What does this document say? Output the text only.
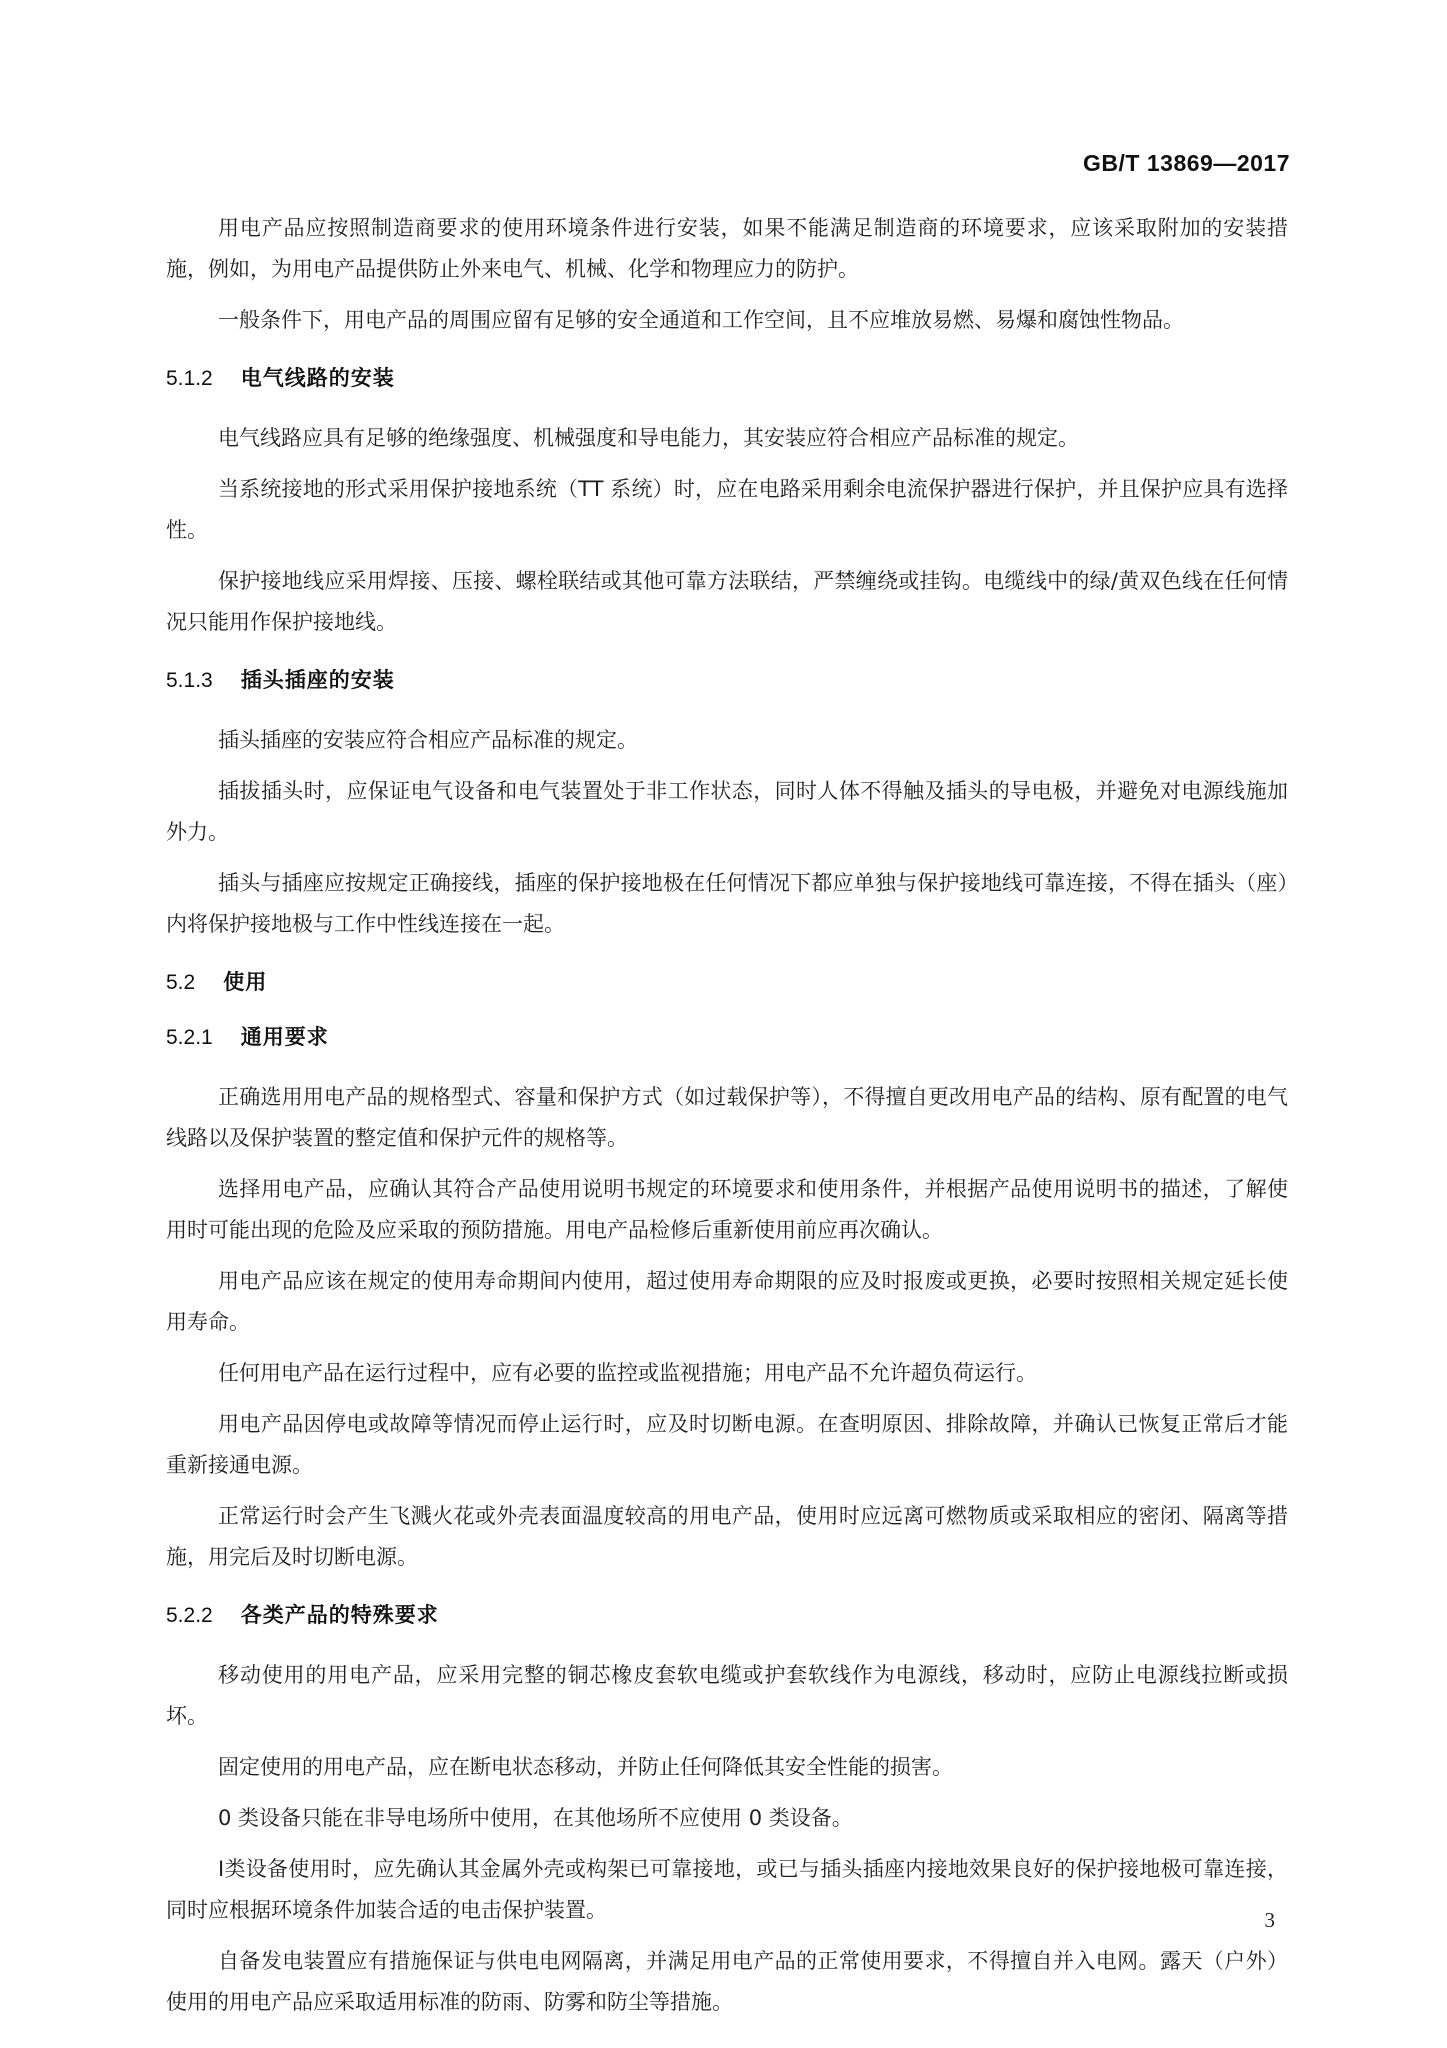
GB/T 13869—2017

用电产品应按照制造商要求的使用环境条件进行安装，如果不能满足制造商的环境要求，应该采取附加的安装措施，例如，为用电产品提供防止外来电气、机械、化学和物理应力的防护。

一般条件下，用电产品的周围应留有足够的安全通道和工作空间，且不应堆放易燃、易爆和腐蚀性物品。

5.1.2 电气线路的安装

电气线路应具有足够的绝缘强度、机械强度和导电能力，其安装应符合相应产品标准的规定。

当系统接地的形式采用保护接地系统（TT 系统）时，应在电路采用剩余电流保护器进行保护，并且保护应具有选择性。

保护接地线应采用焊接、压接、螺栓联结或其他可靠方法联结，严禁缠绕或挂钩。电缆线中的绿/黄双色线在任何情况只能用作保护接地线。

5.1.3 插头插座的安装

插头插座的安装应符合相应产品标准的规定。

插拔插头时，应保证电气设备和电气装置处于非工作状态，同时人体不得触及插头的导电极，并避免对电源线施加外力。

插头与插座应按规定正确接线，插座的保护接地极在任何情况下都应单独与保护接地线可靠连接，不得在插头（座）内将保护接地极与工作中性线连接在一起。

5.2 使用
5.2.1 通用要求

正确选用用电产品的规格型式、容量和保护方式（如过载保护等），不得擅自更改用电产品的结构、原有配置的电气线路以及保护装置的整定值和保护元件的规格等。

选择用电产品，应确认其符合产品使用说明书规定的环境要求和使用条件，并根据产品使用说明书的描述，了解使用时可能出现的危险及应采取的预防措施。用电产品检修后重新使用前应再次确认。

用电产品应该在规定的使用寿命期间内使用，超过使用寿命期限的应及时报废或更换，必要时按照相关规定延长使用寿命。

任何用电产品在运行过程中，应有必要的监控或监视措施；用电产品不允许超负荷运行。

用电产品因停电或故障等情况而停止运行时，应及时切断电源。在查明原因、排除故障，并确认已恢复正常后才能重新接通电源。

正常运行时会产生飞溅火花或外壳表面温度较高的用电产品，使用时应远离可燃物质或采取相应的密闭、隔离等措施，用完后及时切断电源。

5.2.2 各类产品的特殊要求

移动使用的用电产品，应采用完整的铜芯橡皮套软电缆或护套软线作为电源线，移动时，应防止电源线拉断或损坏。

固定使用的用电产品，应在断电状态移动，并防止任何降低其安全性能的损害。

0 类设备只能在非导电场所中使用，在其他场所不应使用 0 类设备。

Ⅰ类设备使用时，应先确认其金属外壳或构架已可靠接地，或已与插头插座内接地效果良好的保护接地极可靠连接，同时应根据环境条件加装合适的电击保护装置。

自备发电装置应有措施保证与供电电网隔离，并满足用电产品的正常使用要求，不得擅自并入电网。露天（户外）使用的用电产品应采取适用标准的防雨、防雾和防尘等措施。

3
